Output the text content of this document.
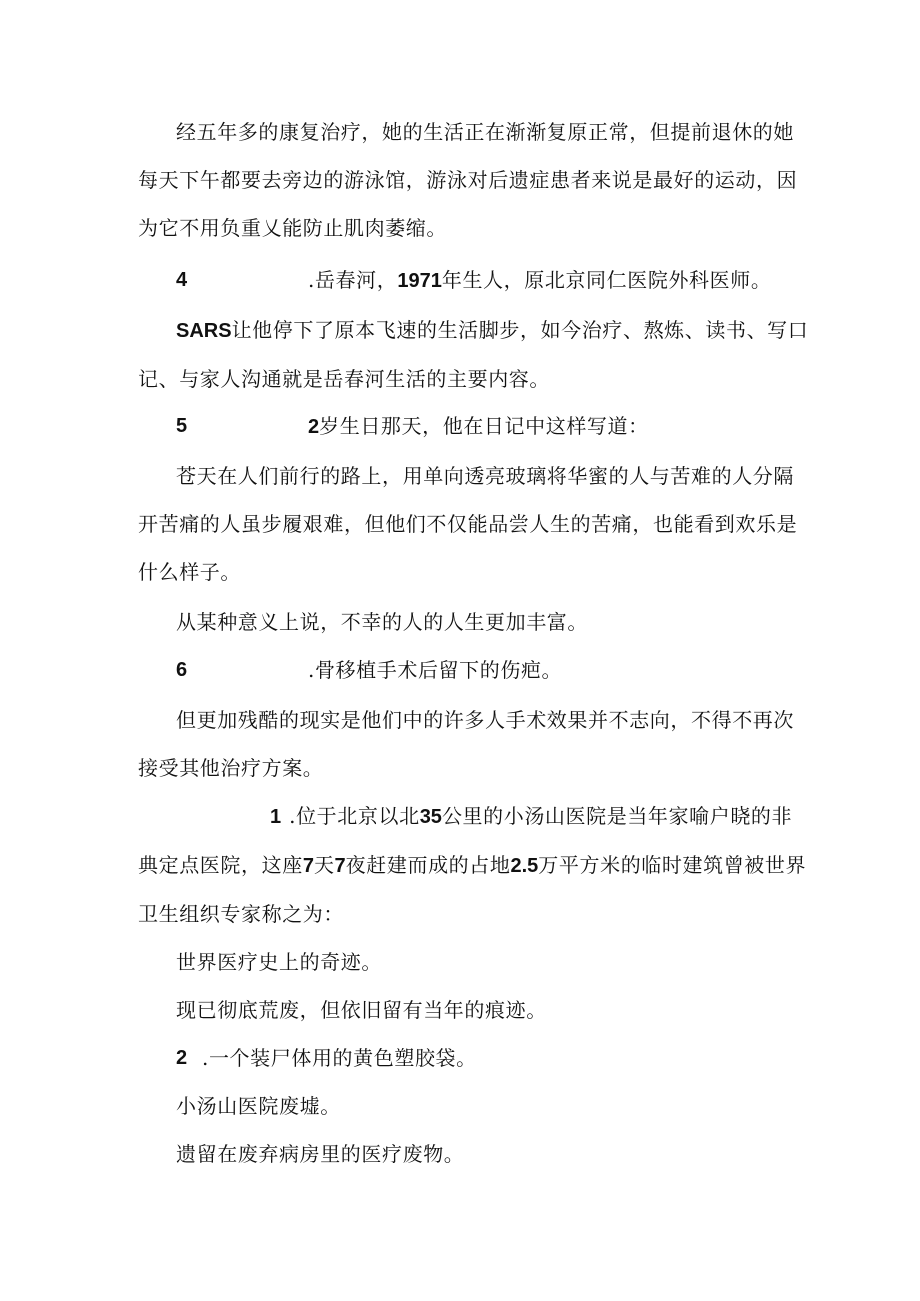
经五年多的康复治疗，她的生活正在渐渐复原正常，但提前退休的她
每天下午都要去旁边的游泳馆，游泳对后遗症患者来说是最好的运动，因
为它不用负重乂能防止肌肉萎缩。
4	.岳春河，1971年生人，原北京同仁医院外科医师。
SARS让他停下了原本飞速的生活脚步，如今治疗、熬炼、读书、写口
记、与家人沟通就是岳春河生活的主要内容。
5	2岁生日那天，他在日记中这样写道：
苍天在人们前行的路上，用单向透亮玻璃将华蜜的人与苦难的人分隔
开苦痛的人虽步履艰难，但他们不仅能品尝人生的苦痛，也能看到欢乐是
什么样子。
从某种意义上说，不幸的人的人生更加丰富。
6	.骨移植手术后留下的伤疤。
但更加残酷的现实是他们中的许多人手术效果并不志向，不得不再次
接受其他治疗方案。
1 .位于北京以北35公里的小汤山医院是当年家喻户晓的非
典定点医院，这座7天7夜赶建而成的占地2.5万平方米的临时建筑曾被世界
卫生组织专家称之为：
世界医疗史上的奇迹。
现已彻底荒废，但依旧留有当年的痕迹。
2 .一个装尸体用的黄色塑胶袋。
小汤山医院废墟。
遗留在废弃病房里的医疗废物。
